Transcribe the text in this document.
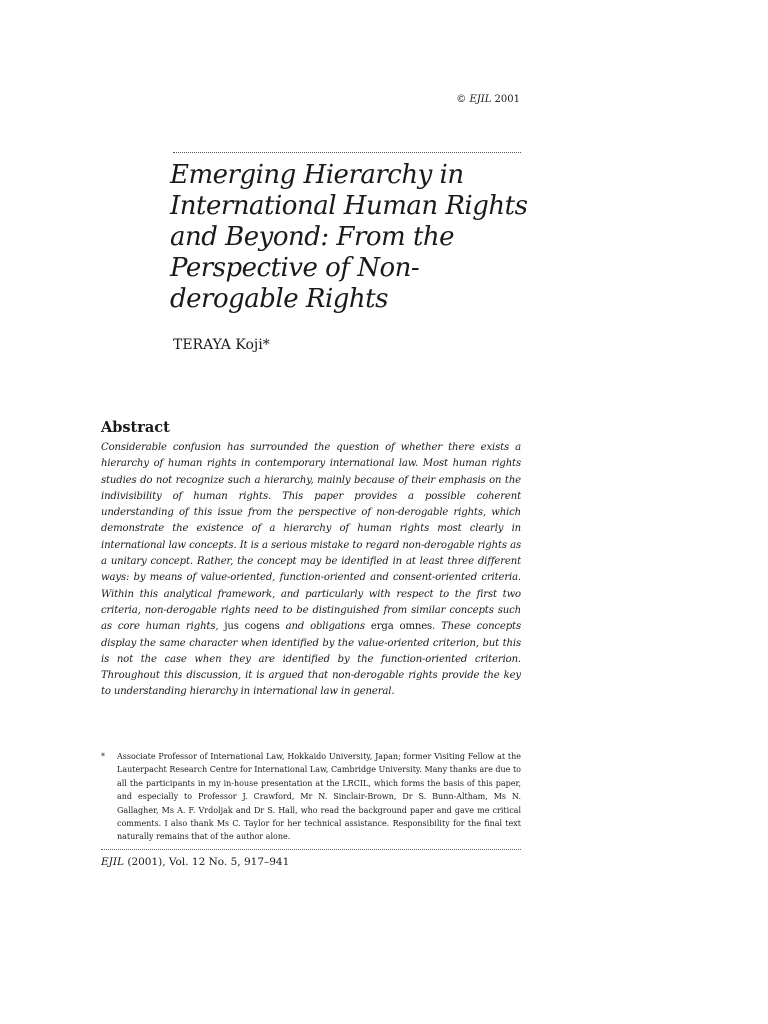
© EJIL 2001
Emerging Hierarchy in International Human Rights and Beyond: From the Perspective of Non-derogable Rights
TERAYA Koji*
Abstract
Considerable confusion has surrounded the question of whether there exists a hierarchy of human rights in contemporary international law. Most human rights studies do not recognize such a hierarchy, mainly because of their emphasis on the indivisibility of human rights. This paper provides a possible coherent understanding of this issue from the perspective of non-derogable rights, which demonstrate the existence of a hierarchy of human rights most clearly in international law concepts. It is a serious mistake to regard non-derogable rights as a unitary concept. Rather, the concept may be identified in at least three different ways: by means of value-oriented, function-oriented and consent-oriented criteria. Within this analytical framework, and particularly with respect to the first two criteria, non-derogable rights need to be distinguished from similar concepts such as core human rights, jus cogens and obligations erga omnes. These concepts display the same character when identified by the value-oriented criterion, but this is not the case when they are identified by the function-oriented criterion. Throughout this discussion, it is argued that non-derogable rights provide the key to understanding hierarchy in international law in general.
*	Associate Professor of International Law, Hokkaido University, Japan; former Visiting Fellow at the Lauterpacht Research Centre for International Law, Cambridge University. Many thanks are due to all the participants in my in-house presentation at the LRCIL, which forms the basis of this paper, and especially to Professor J. Crawford, Mr N. Sinclair-Brown, Dr S. Bunn-Altham, Ms N. Gallagher, Ms A. F. Vrdoljak and Dr S. Hall, who read the background paper and gave me critical comments. I also thank Ms C. Taylor for her technical assistance. Responsibility for the final text naturally remains that of the author alone.
EJIL (2001), Vol. 12 No. 5, 917–941
